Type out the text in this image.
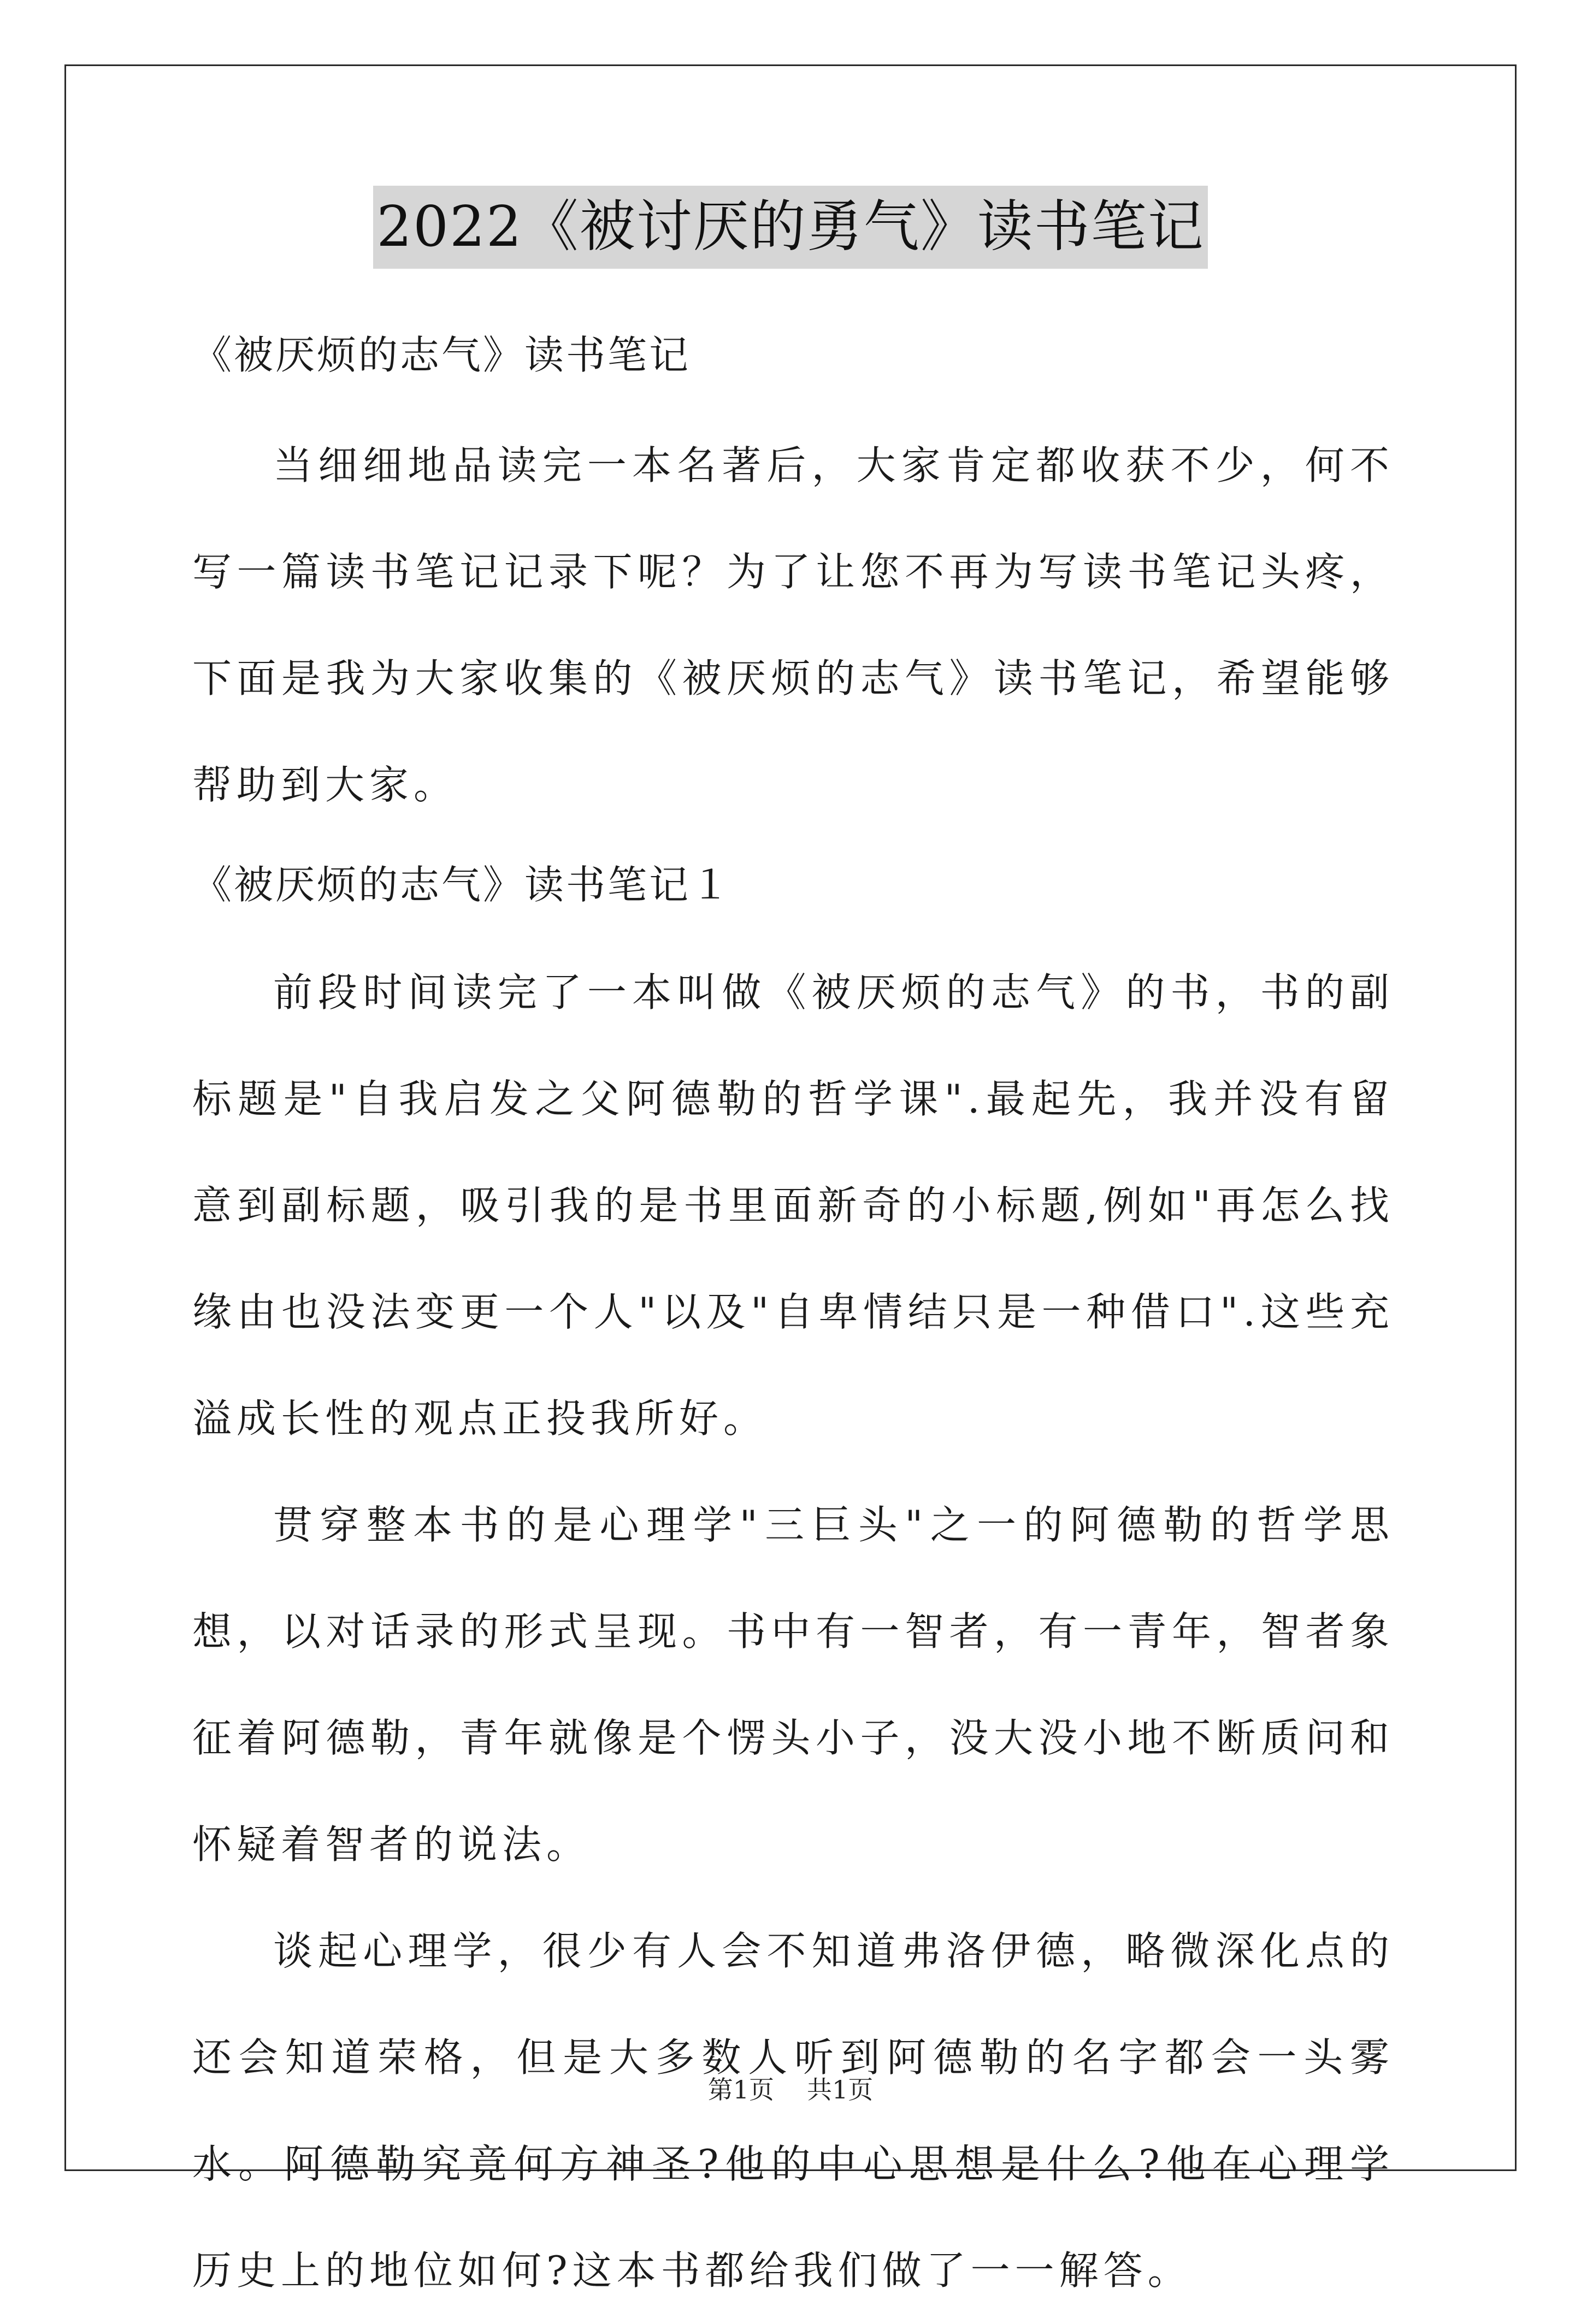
2022《被讨厌的勇气》读书笔记

《被厌烦的志气》读书笔记

当细细地品读完一本名著后，大家肯定都收获不少，何不写一篇读书笔记记录下呢？为了让您不再为写读书笔记头疼，下面是我为大家收集的《被厌烦的志气》读书笔记，希望能够帮助到大家。

《被厌烦的志气》读书笔记１

前段时间读完了一本叫做《被厌烦的志气》的书，书的副标题是"自我启发之父阿德勒的哲学课".最起先，我并没有留意到副标题，吸引我的是书里面新奇的小标题,例如"再怎么找缘由也没法变更一个人"以及"自卑情结只是一种借口".这些充溢成长性的观点正投我所好。

贯穿整本书的是心理学"三巨头"之一的阿德勒的哲学思想，以对话录的形式呈现。书中有一智者，有一青年，智者象征着阿德勒，青年就像是个愣头小子，没大没小地不断质问和怀疑着智者的说法。

谈起心理学，很少有人会不知道弗洛伊德，略微深化点的还会知道荣格，但是大多数人听到阿德勒的名字都会一头雾水。阿德勒究竟何方神圣?他的中心思想是什么?他在心理学历史上的地位如何?这本书都给我们做了一一解答。

第1页 共1页
